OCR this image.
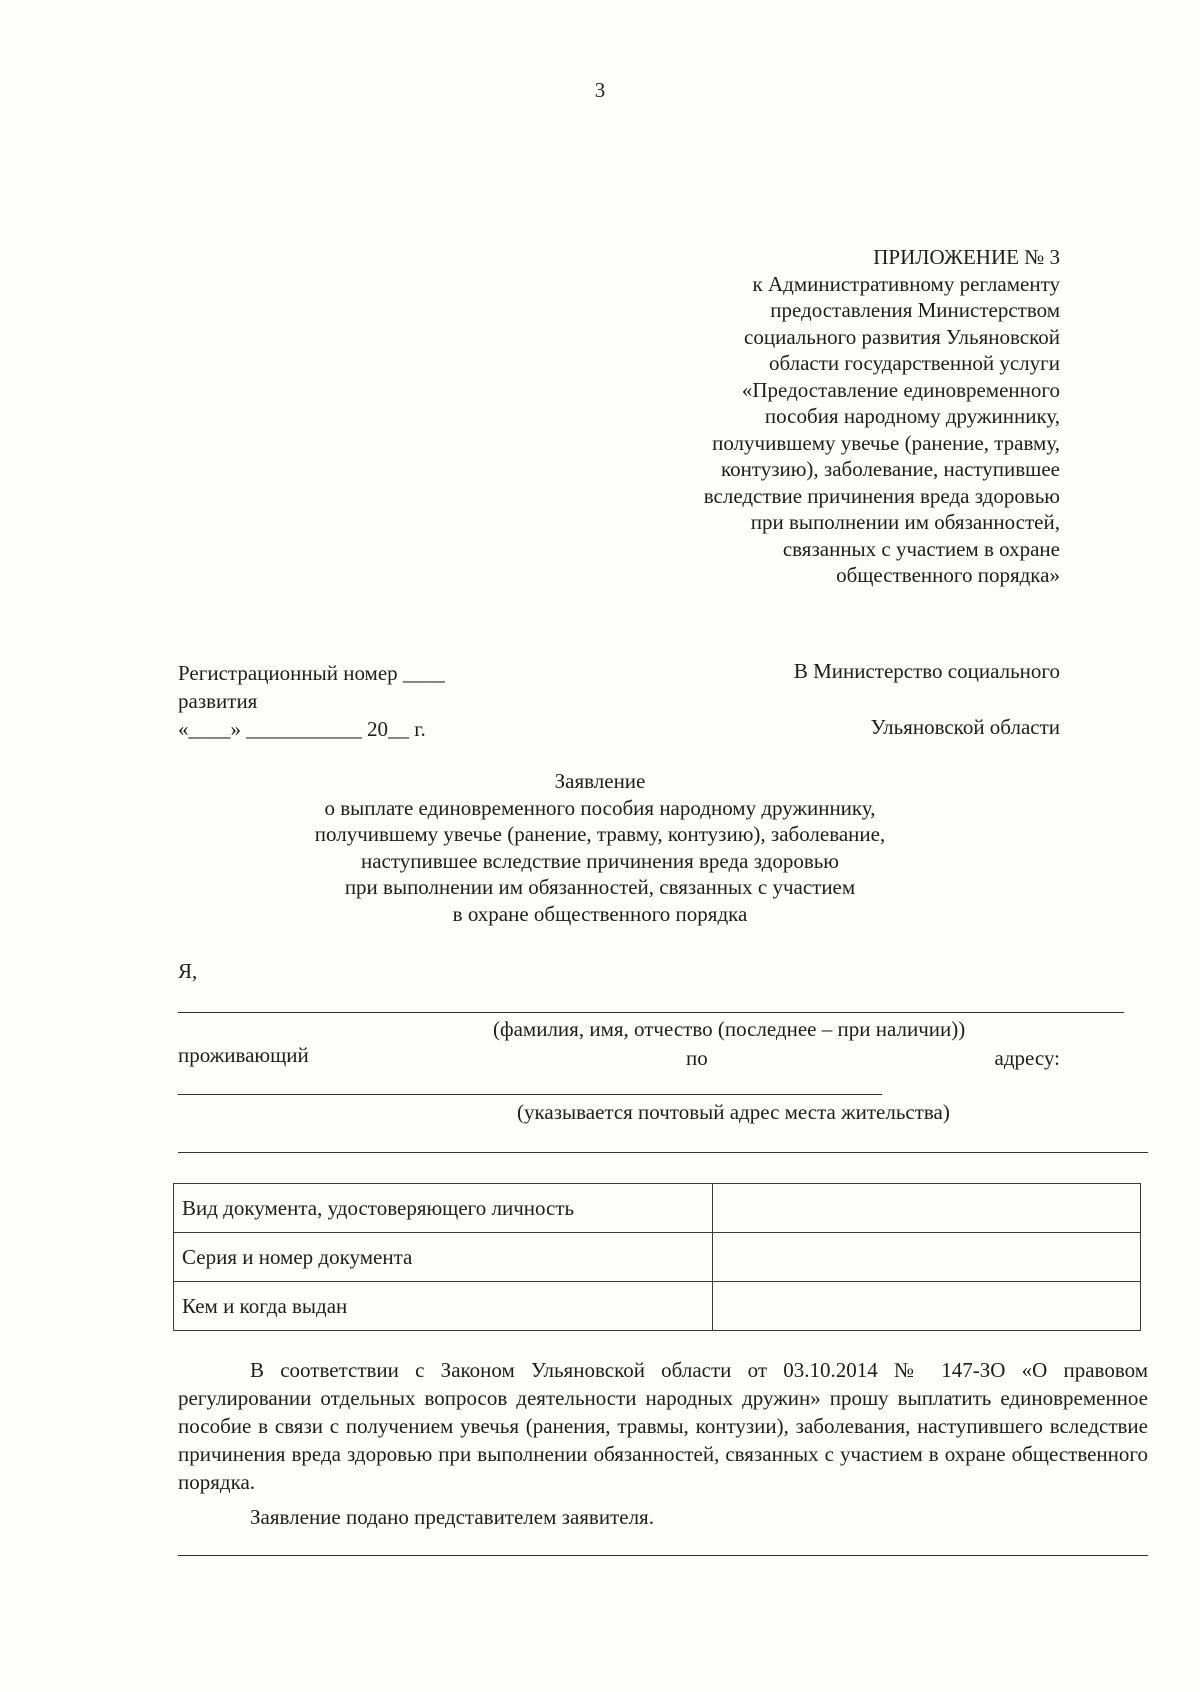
3
ПРИЛОЖЕНИЕ № 3
к Административному регламенту
предоставления Министерством
социального развития Ульяновской
области государственной услуги
«Предоставление единовременного
пособия народному дружиннику,
получившему увечье (ранение, травму,
контузию), заболевание, наступившее
вследствие причинения вреда здоровью
при выполнении им обязанностей,
связанных с участием в охране
общественного порядка»
Регистрационный номер ____
развития
«____» ___________ 20__ г.
В Министерство социального
Ульяновской области
Заявление
о выплате единовременного пособия народному дружиннику,
получившему увечье (ранение, травму, контузию), заболевание,
наступившее вследствие причинения вреда здоровью
при выполнении им обязанностей, связанных с участием
в охране общественного порядка
Я,
(фамилия, имя, отчество (последнее – при наличии))
проживающий	по	адресу:
(указывается почтовый адрес места жительства)
Вид документа, удостоверяющего личность	
Серия и номер документа	
Кем и когда выдан	
В соответствии с Законом Ульяновской области от 03.10.2014 № 147-ЗО «О правовом регулировании отдельных вопросов деятельности народных дружин» прошу выплатить единовременное пособие в связи с получением увечья (ранения, травмы, контузии), заболевания, наступившего вследствие причинения вреда здоровью при выполнении обязанностей, связанных с участием в охране общественного порядка.
Заявление подано представителем заявителя.
